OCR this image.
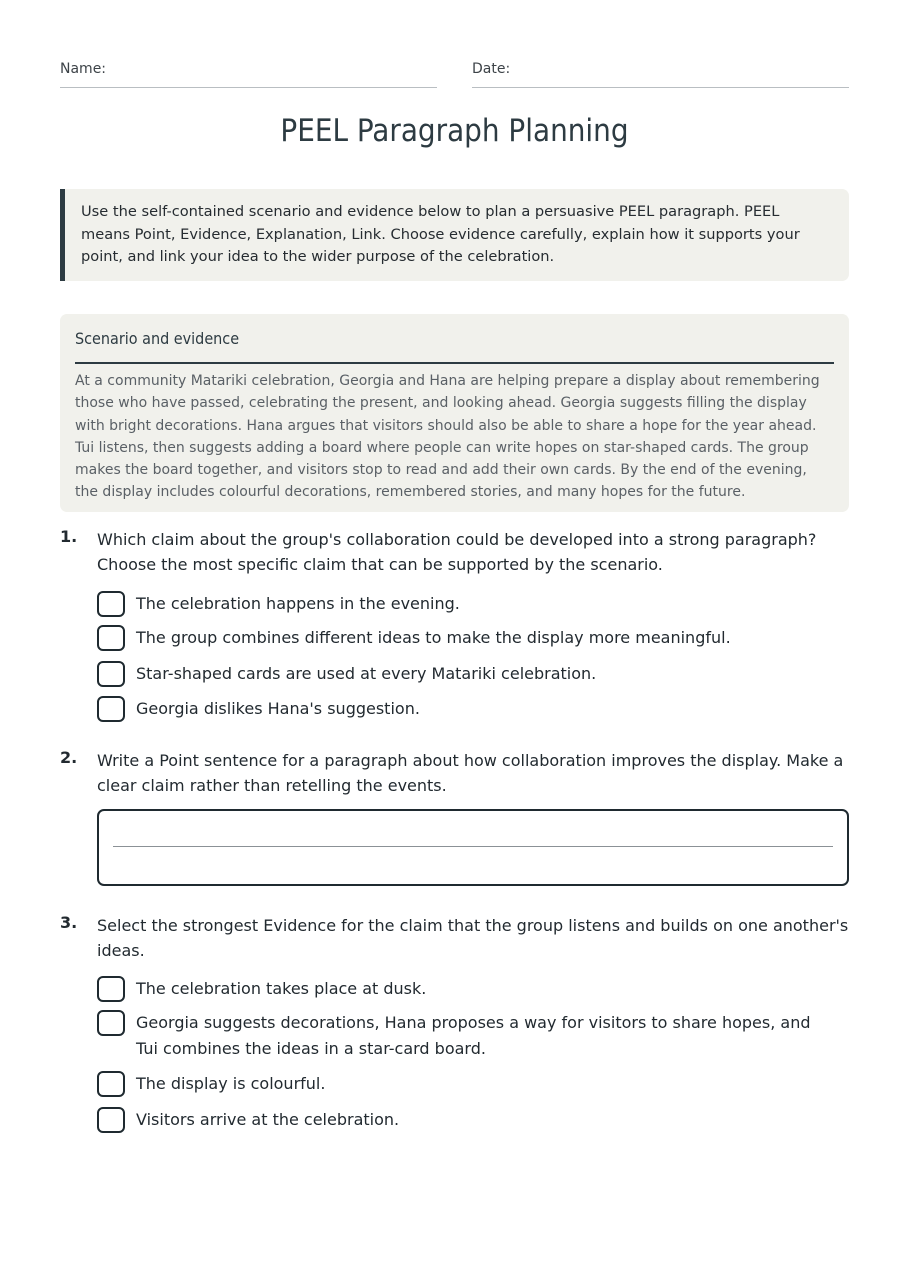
Name:	Date:
PEEL Paragraph Planning
Use the self-contained scenario and evidence below to plan a persuasive PEEL paragraph. PEEL means Point, Evidence, Explanation, Link. Choose evidence carefully, explain how it supports your point, and link your idea to the wider purpose of the celebration.
Scenario and evidence
At a community Matariki celebration, Georgia and Hana are helping prepare a display about remembering those who have passed, celebrating the present, and looking ahead. Georgia suggests filling the display with bright decorations. Hana argues that visitors should also be able to share a hope for the year ahead. Tui listens, then suggests adding a board where people can write hopes on star-shaped cards. The group makes the board together, and visitors stop to read and add their own cards. By the end of the evening, the display includes colourful decorations, remembered stories, and many hopes for the future.
1. Which claim about the group's collaboration could be developed into a strong paragraph? Choose the most specific claim that can be supported by the scenario.
The celebration happens in the evening.
The group combines different ideas to make the display more meaningful.
Star-shaped cards are used at every Matariki celebration.
Georgia dislikes Hana's suggestion.
2. Write a Point sentence for a paragraph about how collaboration improves the display. Make a clear claim rather than retelling the events.
3. Select the strongest Evidence for the claim that the group listens and builds on one another's ideas.
The celebration takes place at dusk.
Georgia suggests decorations, Hana proposes a way for visitors to share hopes, and Tui combines the ideas in a star-card board.
The display is colourful.
Visitors arrive at the celebration.
